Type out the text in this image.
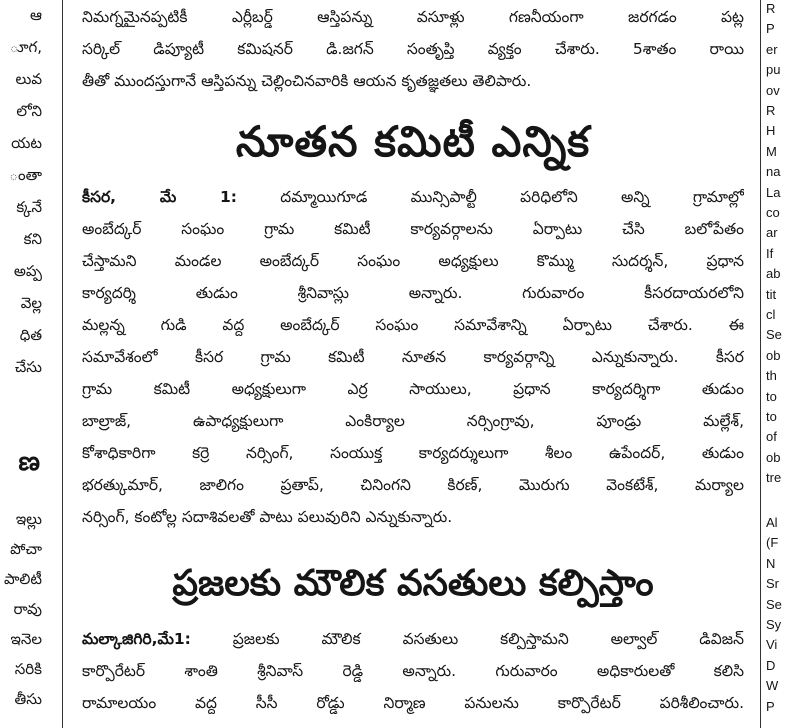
ఆ
ూగ,
లువ
లోని
యట
ంతా
క్కనే
కని
అప్ప
వెల్ల
ధిత
చేసు
ణ
ఇల్లు
పోచా
పాలిటీ
రావు
ఇనెల
సరికి
తీసు

నిమగ్నమైనప్పటికీ ఎర్లీబర్డ్ ఆస్తిపన్ను వసూళ్లు గణనీయంగా జరగడం పట్ల

సర్కిల్ డిప్యూటీ కమిషనర్ డి.జగన్ సంతృప్తి వ్యక్తం చేశారు. 5శాతం రాయి

తీతో ముందస్తుగానే ఆస్తిపన్ను చెల్లించినవారికి ఆయన కృతజ్ఞతలు తెలిపారు.

నూతన కమిటీ ఎన్నిక

కీసర, మే 1: దమ్మాయిగూడ మున్సిపాల్టీ పరిధిలోని అన్ని గ్రామాల్లో

అంబేద్కర్ సంఘం గ్రామ కమిటీ కార్యవర్గాలను ఏర్పాటు చేసి బలోపేతం

చేస్తామని మండల అంబేద్కర్ సంఘం అధ్యక్షులు కొమ్ము సుదర్శన్, ప్రధాన

కార్యదర్శి తుడుం శ్రీనివాస్లు అన్నారు. గురువారం కీసరదాయరలోని

మల్లన్న గుడి వద్ద అంబేద్కర్ సంఘం సమావేశాన్ని ఏర్పాటు చేశారు. ఈ

సమావేశంలో కీసర గ్రామ కమిటీ నూతన కార్యవర్గాన్ని ఎన్నుకున్నారు. కీసర

గ్రామ కమిటీ అధ్యక్షులుగా ఎర్ర సాయులు, ప్రధాన కార్యదర్శిగా తుడుం

బాల్రాజ్, ఉపాధ్యక్షులుగా ఎంకిర్యాల నర్సింగ్రావు, పూండ్రు మల్లేశ్,

కోశాధికారిగా కర్రె నర్సింగ్, సంయుక్త కార్యదర్శులుగా శీలం ఉపేందర్, తుడుం

భరత్కుమార్, జాలిగం ప్రతాప్, చినింగని కిరణ్, మొరుగు వెంకటేశ్, మర్యాల

నర్సింగ్, కంటోల్ల సదాశివలతో పాటు పలువురిని ఎన్నుకున్నారు.

ప్రజలకు మౌలిక వసతులు కల్పిస్తాం

మల్కాజిగిరి,మే1: ప్రజలకు మౌలిక వసతులు కల్పిస్తామని అల్వాల్ డివిజన్

కార్పొరేటర్ శాంతి శ్రీనివాస్ రెడ్డి అన్నారు. గురువారం అధికారులతో కలిసి

రామాలయం వద్ద సీసీ రోడ్డు నిర్మాణ పనులను కార్పొరేటర్ పరిశీలించారు.

R
P
er
pu
ov
R
H
M
na
La
co
ar
If
ab
tit
cl
Se
ob
th
to
to
of
ob
tre
Al
(F
N
Sr
Se
Sy
Vi
D
W
P
